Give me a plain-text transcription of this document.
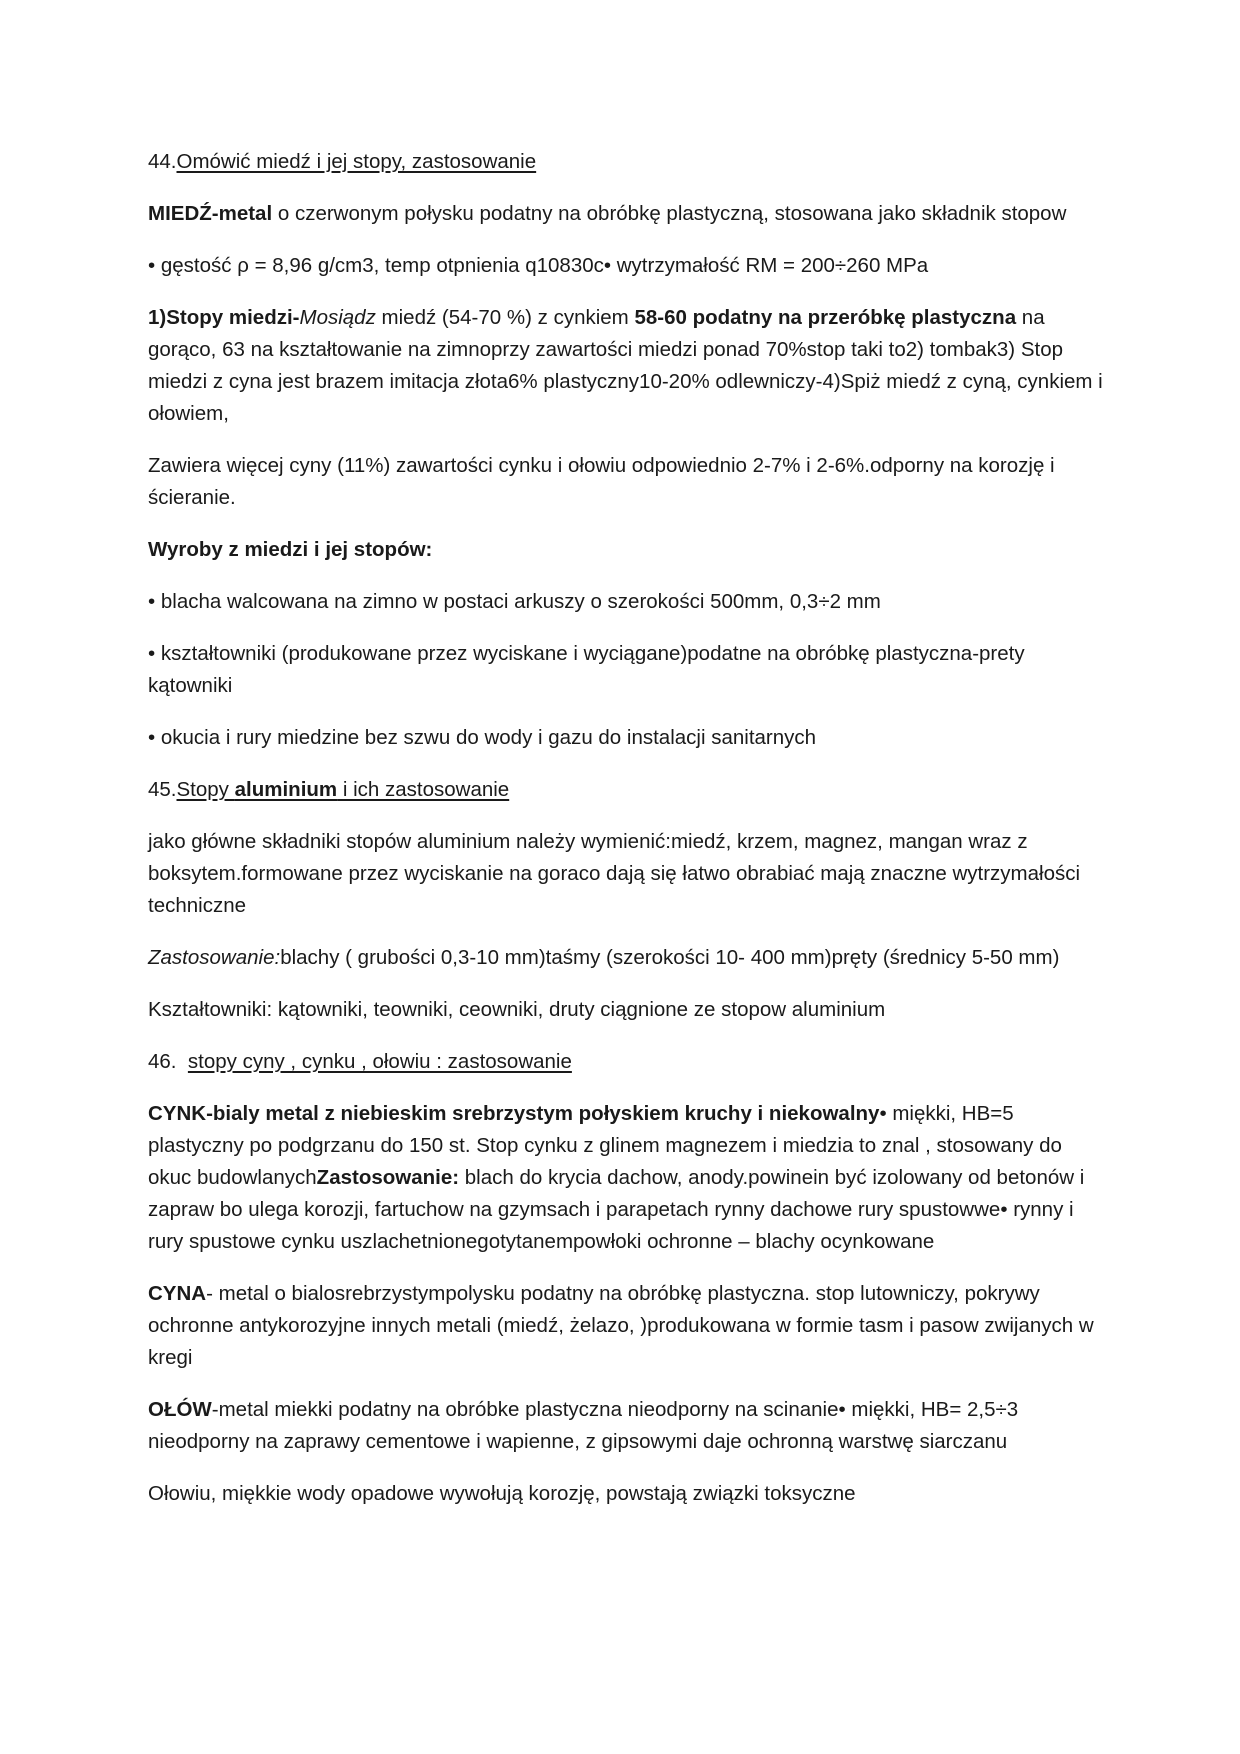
44.Omówić miedź i jej stopy, zastosowanie

MIEDŹ-metal o czerwonym połysku podatny na obróbkę plastyczną, stosowana jako składnik stopow

• gęstość ρ = 8,96 g/cm3, temp otpnienia q10830c• wytrzymałość RM = 200÷260 MPa

1)Stopy miedzi-Mosiądz miedź (54-70 %) z cynkiem 58-60 podatny na przeróbkę plastyczna na gorąco, 63 na kształtowanie na zimnoprzy zawartości miedzi ponad 70%stop taki to2) tombak3) Stop miedzi z cyna jest brazem imitacja złota6% plastyczny10-20% odlewniczy-4)Spiż miedź z cyną, cynkiem i ołowiem,

Zawiera więcej cyny (11%) zawartości cynku i ołowiu odpowiednio 2-7% i 2-6%.odporny na korozję i ścieranie.

Wyroby z miedzi i jej stopów:

• blacha walcowana na zimno w postaci arkuszy o szerokości 500mm, 0,3÷2 mm

• kształtowniki (produkowane przez wyciskane i wyciągane)podatne na obróbkę plastyczna-prety kątowniki

• okucia i rury miedzine bez szwu do wody i gazu do instalacji sanitarnych

45.Stopy aluminium i ich zastosowanie

jako główne składniki stopów aluminium należy wymienić:miedź, krzem, magnez, mangan wraz z boksytem.formowane przez wyciskanie na goraco dają się łatwo obrabiać mają znaczne wytrzymałości techniczne

Zastosowanie:blachy ( grubości 0,3-10 mm)taśmy (szerokości 10- 400 mm)pręty (średnicy 5-50 mm)

Kształtowniki: kątowniki, teowniki, ceowniki, druty ciągnione ze stopow aluminium

46.  stopy cyny , cynku , ołowiu : zastosowanie

CYNK-bialy metal z niebieskim srebrzystym połyskiem kruchy i niekowalny• miękki, HB=5 plastyczny po podgrzanu do 150 st. Stop cynku z glinem magnezem i miedzia to znal , stosowany do okuc budowlanychZastosowanie: blach do krycia dachow, anody.powinein być izolowany od betonów i zapraw bo ulega korozji, fartuchow na gzymsach i parapetach rynny dachowe rury spustowwe• rynny i rury spustowe cynku uszlachetnionegotytanempowłoki ochronne – blachy ocynkowane

CYNA- metal o bialosrebrzystympolysku podatny na obróbkę plastyczna. stop lutowniczy, pokrywy ochronne antykorozyjne innych metali (miedź, żelazo, )produkowana w formie tasm i pasow zwijanych w kregi

OŁÓW-metal miekki podatny na obróbke plastyczna nieodporny na scinanie• miękki, HB= 2,5÷3 nieodporny na zaprawy cementowe i wapienne, z gipsowymi daje ochronną warstwę siarczanu

Ołowiu, miękkie wody opadowe wywołują korozję, powstają związki toksyczne
